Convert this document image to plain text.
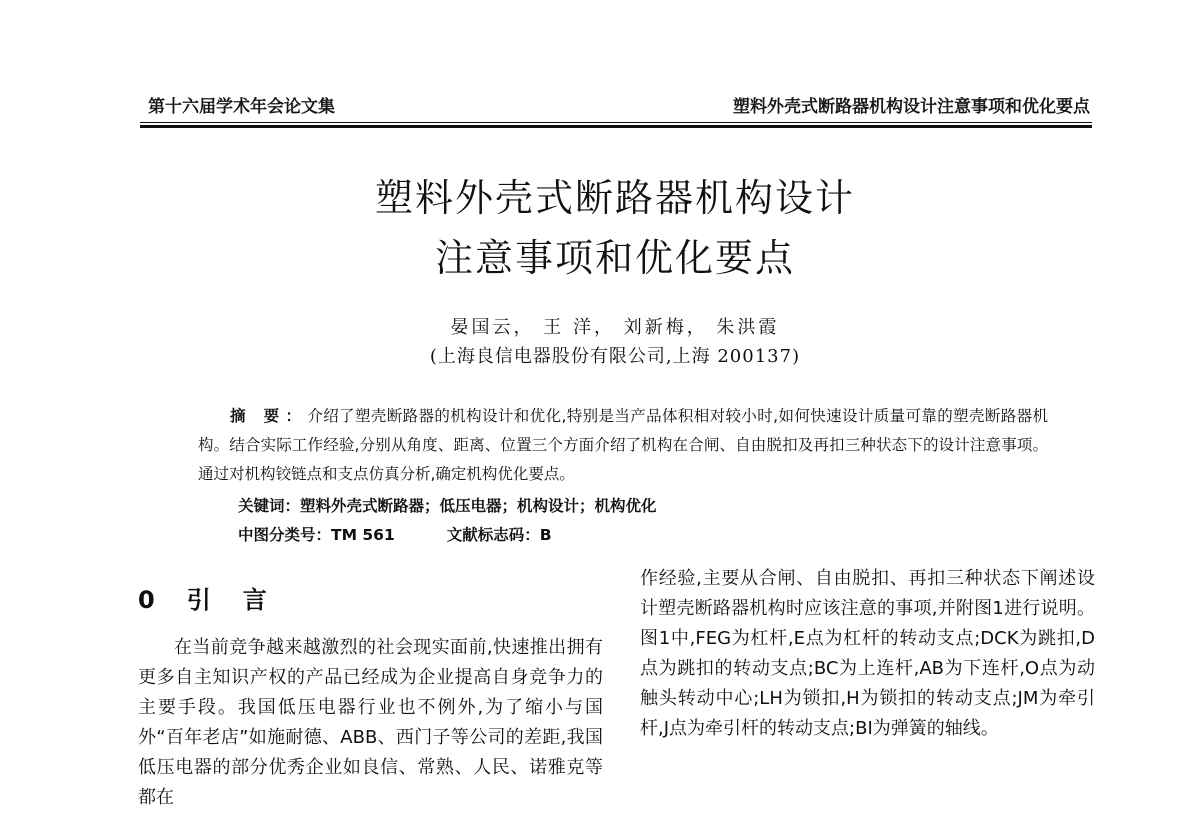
第十六届学术年会论文集	塑料外壳式断路器机构设计注意事项和优化要点
塑料外壳式断路器机构设计
注意事项和优化要点
晏国云， 王 洋， 刘新梅， 朱洪霞
(上海良信电器股份有限公司,上海 200137)

摘 要：介绍了塑壳断路器的机构设计和优化,特别是当产品体积相对较小时,如何快速设计质量可靠的塑壳断路器机构。结合实际工作经验,分别从角度、距离、位置三个方面介绍了机构在合闸、自由脱扣及再扣三种状态下的设计注意事项。通过对机构铰链点和支点仿真分析,确定机构优化要点。

关键词：塑料外壳式断路器；低压电器；机构设计；机构优化
中图分类号：TM 561	文献标志码：B
0 引 言

在当前竞争越来越激烈的社会现实面前,快速推出拥有更多自主知识产权的产品已经成为企业提高自身竞争力的主要手段。我国低压电器行业也不例外,为了缩小与国外“百年老店”如施耐德、ABB、西门子等公司的差距,我国低压电器的部分优秀企业如良信、常熟、人民、诺雅克等都在

作经验,主要从合闸、自由脱扣、再扣三种状态下阐述设计塑壳断路器机构时应该注意的事项,并附图1进行说明。图1中,FEG为杠杆,E点为杠杆的转动支点;DCK为跳扣,D点为跳扣的转动支点;BC为上连杆,AB为下连杆,O点为动触头转动中心;LH为锁扣,H为锁扣的转动支点;JM为牵引杆,J点为牵引杆的转动支点;BI为弹簧的轴线。
